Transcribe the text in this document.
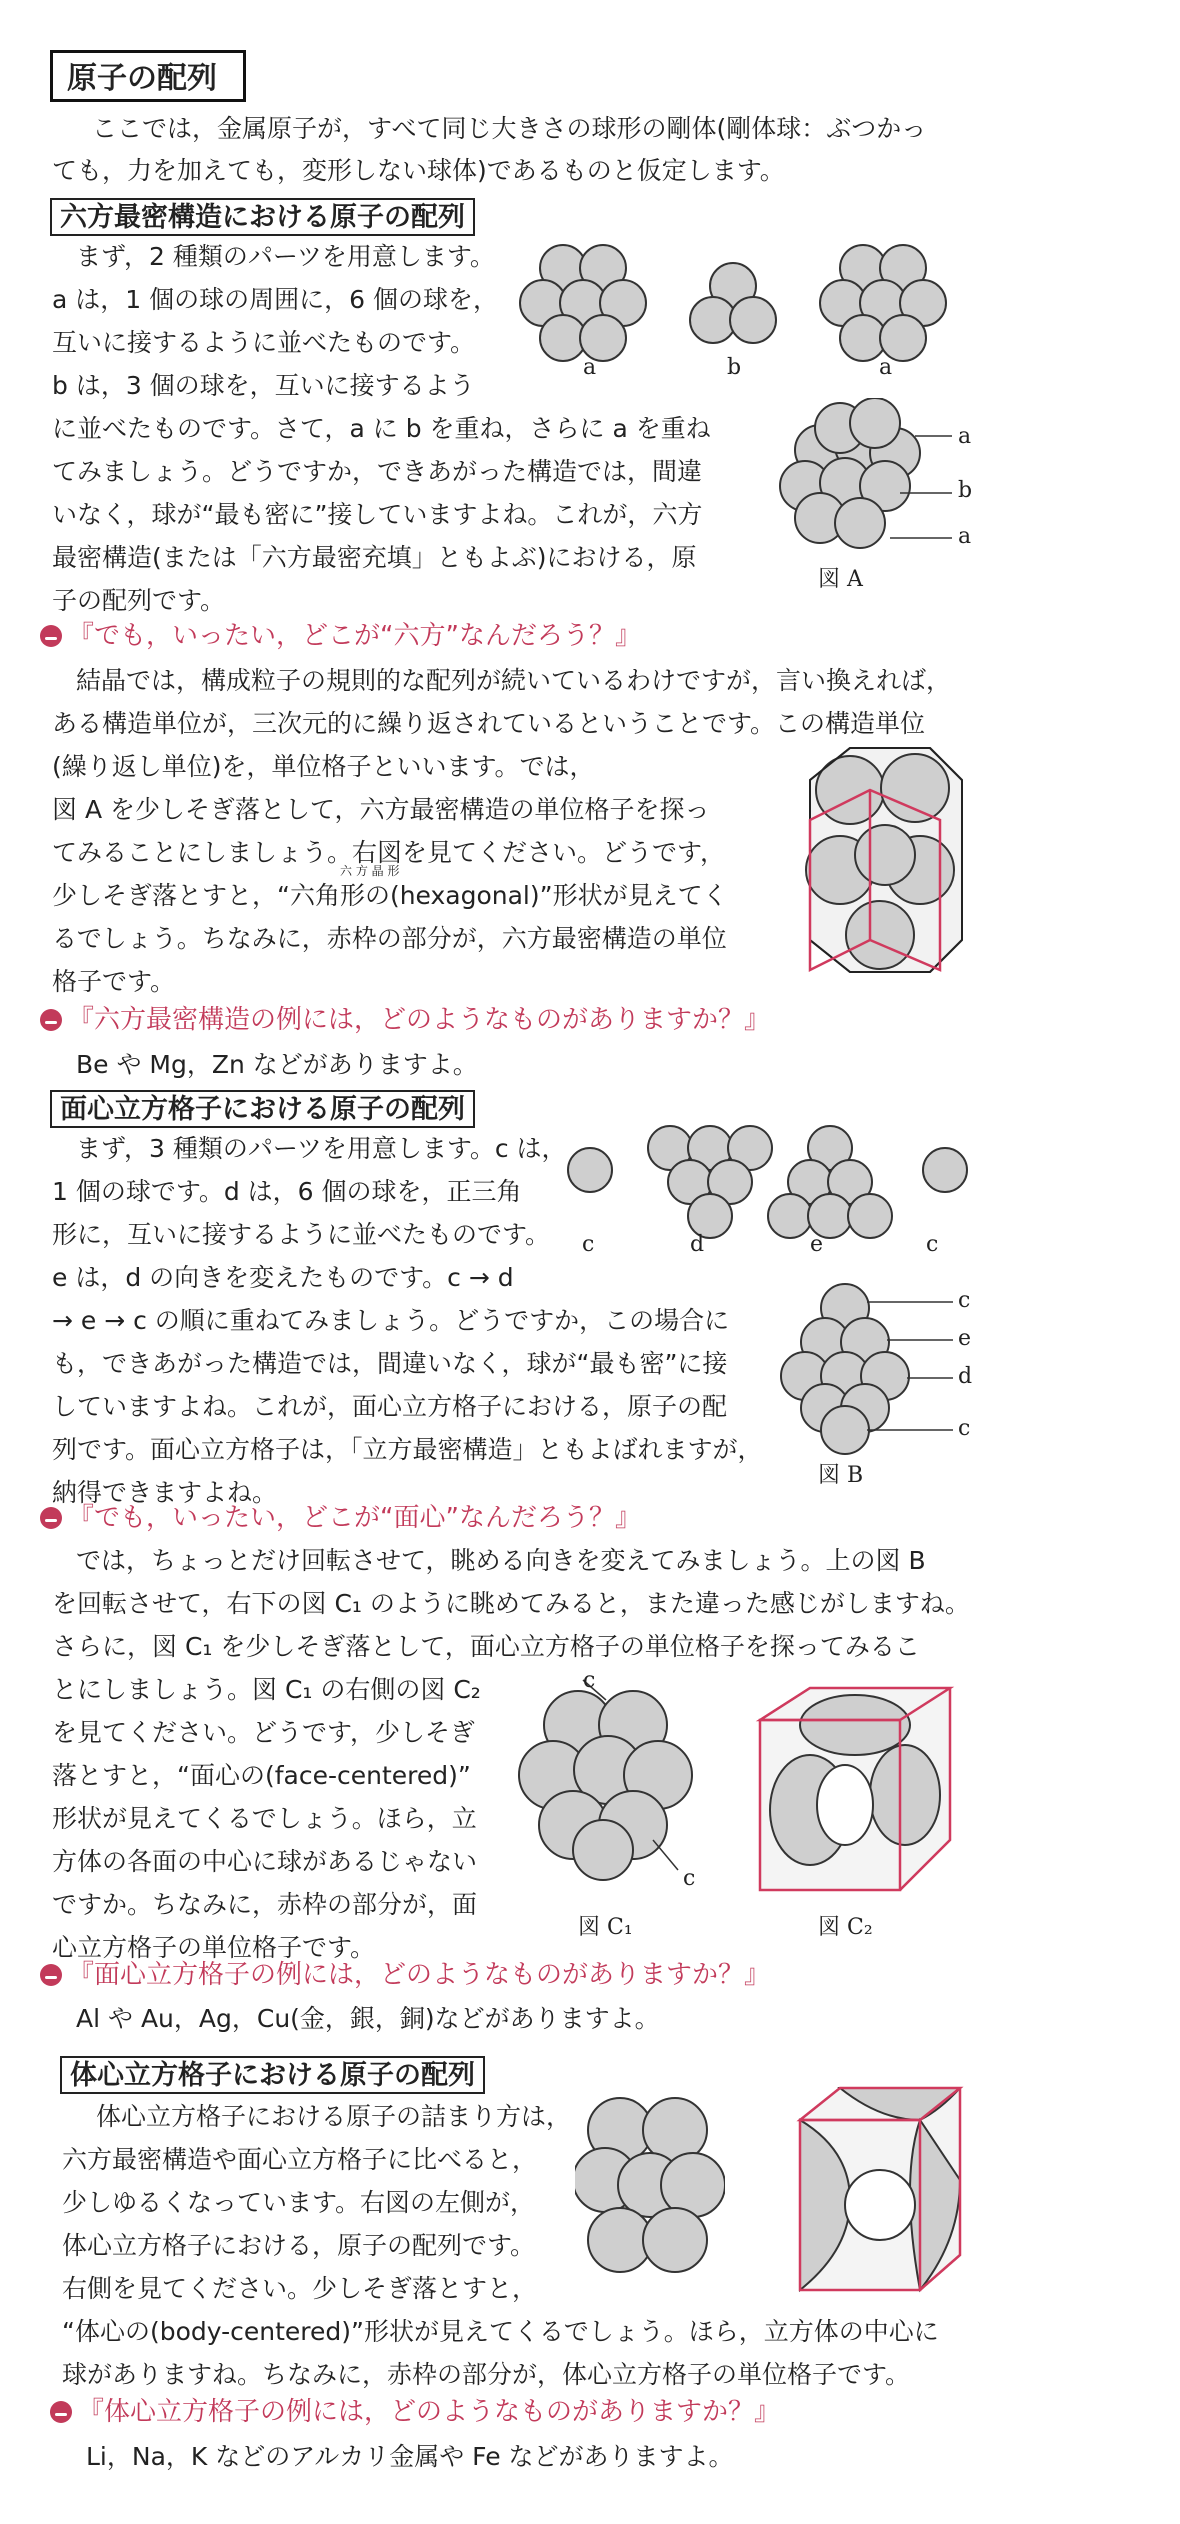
原子の配列
ここでは，金属原子が，すべて同じ大きさの球形の剛体(剛体球：ぶつかっ
ても，力を加えても，変形しない球体)であるものと仮定します。
六方最密構造における原子の配列
まず，2 種類のパーツを用意します。
a は，1 個の球の周囲に，6 個の球を，
互いに接するように並べたものです。
b は，3 個の球を，互いに接するよう
に並べたものです。さて，a に b を重ね，さらに a を重ね
てみましょう。どうですか，できあがった構造では，間違
いなく，球が“最も密に”接していますよね。これが，六方
最密構造(または「六方最密充填」ともよぶ)における，原
子の配列です。
a	b	a
a
b
a
図 A
『でも，いったい，どこが“六方”なんだろう？』
結晶では，構成粒子の規則的な配列が続いているわけですが，言い換えれば，
ある構造単位が，三次元的に繰り返されているということです。この構造単位
(繰り返し単位)を，単位格子といいます。では，
図 A を少しそぎ落として，六方最密構造の単位格子を探っ
てみることにしましょう。右図を見てください。どうです，
六 方 晶 形
少しそぎ落とすと，“六角形の(hexagonal)”形状が見えてく
るでしょう。ちなみに，赤枠の部分が，六方最密構造の単位
格子です。
『六方最密構造の例には，どのようなものがありますか？』
Be や Mg，Zn などがありますよ。
面心立方格子における原子の配列
まず，3 種類のパーツを用意します。c は，
1 個の球です。d は，6 個の球を，正三角
形に，互いに接するように並べたものです。
e は，d の向きを変えたものです。c → d
→ e → c の順に重ねてみましょう。どうですか，この場合に
も，できあがった構造では，間違いなく，球が“最も密”に接
していますよね。これが，面心立方格子における，原子の配
列です。面心立方格子は，「立方最密構造」ともよばれますが，
納得できますよね。
c	d	e	c
c
e
d
c
図 B
『でも，いったい，どこが“面心”なんだろう？』
では，ちょっとだけ回転させて，眺める向きを変えてみましょう。上の図 B
を回転させて，右下の図 C₁ のように眺めてみると，また違った感じがしますね。
さらに，図 C₁ を少しそぎ落として，面心立方格子の単位格子を探ってみるこ
とにしましょう。図 C₁ の右側の図 C₂
を見てください。どうです，少しそぎ
落とすと，“面心の(face-centered)”
形状が見えてくるでしょう。ほら，立
方体の各面の中心に球があるじゃない
ですか。ちなみに，赤枠の部分が，面
心立方格子の単位格子です。
c
c
図 C₁	図 C₂
『面心立方格子の例には，どのようなものがありますか？』
Al や Au，Ag，Cu(金，銀，銅)などがありますよ。
体心立方格子における原子の配列
体心立方格子における原子の詰まり方は，
六方最密構造や面心立方格子に比べると，
少しゆるくなっています。右図の左側が，
体心立方格子における，原子の配列です。
右側を見てください。少しそぎ落とすと，
“体心の(body-centered)”形状が見えてくるでしょう。ほら，立方体の中心に
球がありますね。ちなみに，赤枠の部分が，体心立方格子の単位格子です。
『体心立方格子の例には，どのようなものがありますか？』
Li，Na，K などのアルカリ金属や Fe などがありますよ。
